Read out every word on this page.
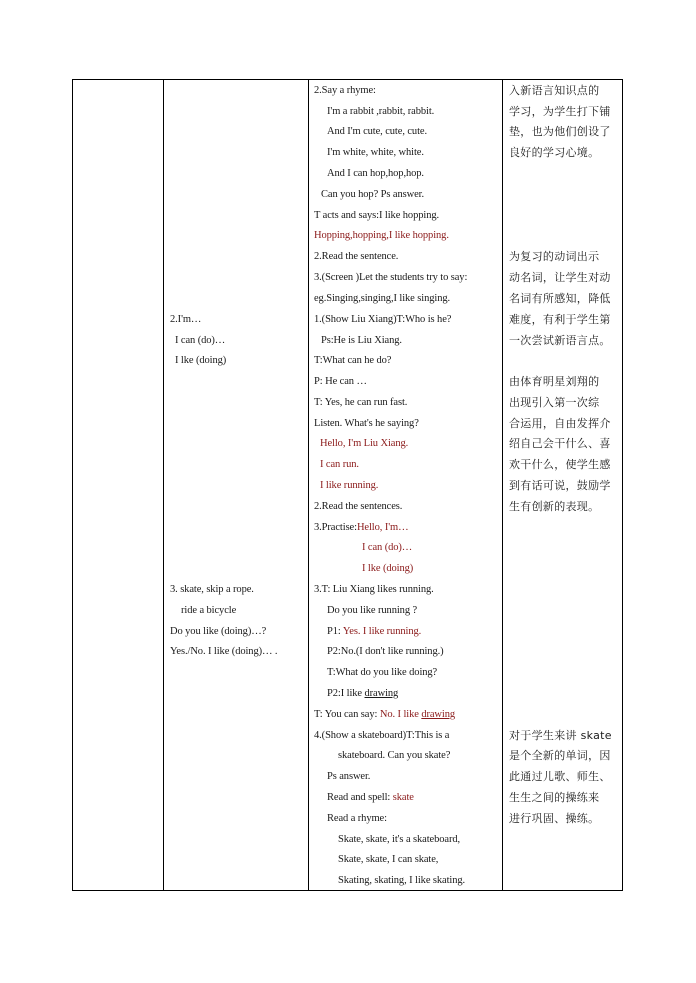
2.I'm…
I can (do)…
I lke (doing)
3. skate, skip a rope.
ride a bicycle
Do you like (doing)…?
Yes./No. I like (doing)… .
2.Say a rhyme:
I'm a rabbit ,rabbit, rabbit.
And I'm cute, cute, cute.
I'm white, white, white.
And I can hop,hop,hop.
Can you hop? Ps answer.
T acts and says:I like hopping.
Hopping,hopping,I like hopping.
2.Read the sentence.
3.(Screen )Let the students try to say:
eg.Singing,singing,I like singing.
1.(Show Liu Xiang)T:Who is he?
Ps:He is Liu Xiang.
T:What can he do?
P: He can …
T: Yes, he can run fast.
Listen. What's he saying?
Hello, I'm Liu Xiang.
I can run.
I like running.
2.Read the sentences.
3.Practise:Hello, I'm…
I can (do)…
I lke (doing)
3.T: Liu Xiang likes running.
Do you like running ?
P1: Yes. I like running.
P2:No.(I don't like running.)
T:What do you like doing?
P2:I like drawing
T: You can say: No. I like drawing
4.(Show a skateboard)T:This is a
skateboard. Can you skate?
Ps answer.
Read and spell: skate
Read a rhyme:
Skate, skate, it's a skateboard,
Skate, skate, I can skate,
Skating, skating, I like skating.
入新语言知识点的
学习，为学生打下铺
垫，也为他们创设了
良好的学习心境。
为复习的动词出示
动名词，让学生对动
名词有所感知，降低
难度，有利于学生第
一次尝试新语言点。
由体育明星刘翔的
出现引入第一次综
合运用，自由发挥介
绍自己会干什么、喜
欢干什么，使学生感
到有话可说，鼓励学
生有创新的表现。
对于学生来讲 skate
是个全新的单词，因
此通过儿歌、师生、
生生之间的操练来
进行巩固、操练。
